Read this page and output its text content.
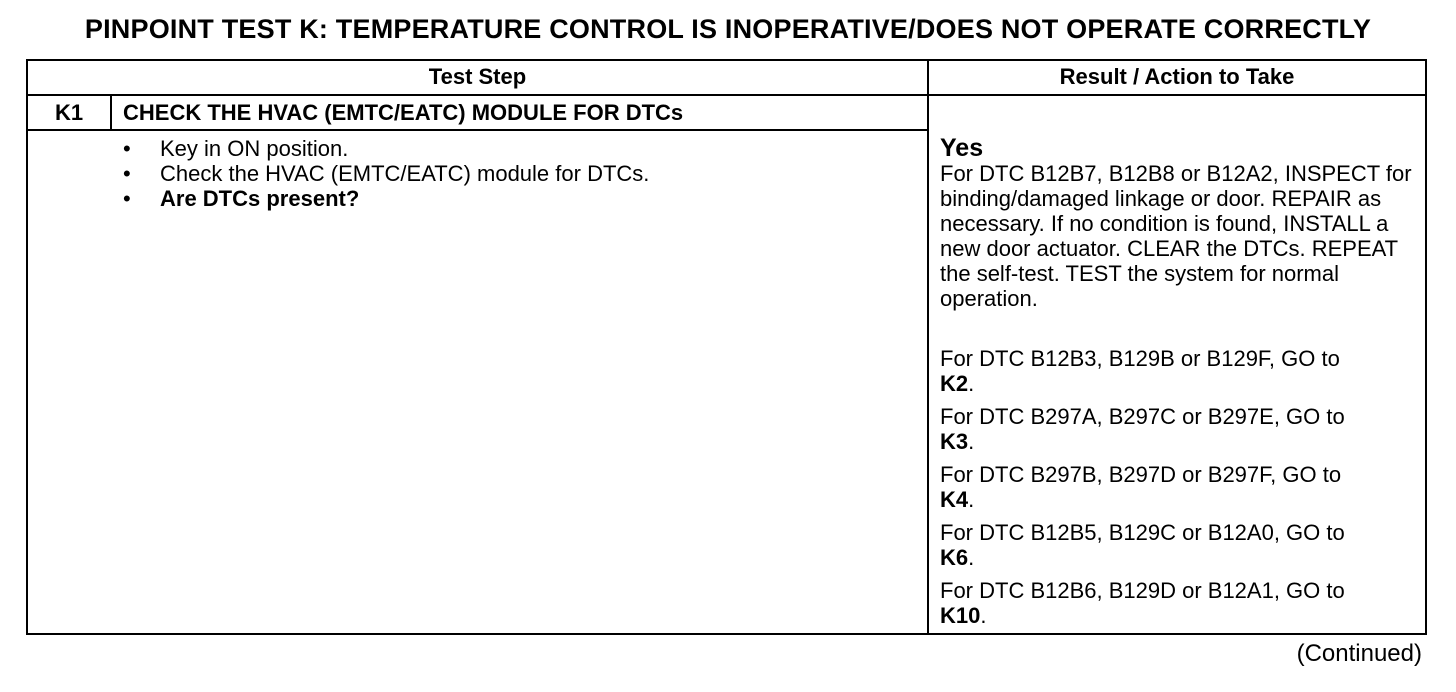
PINPOINT TEST K: TEMPERATURE CONTROL IS INOPERATIVE/DOES NOT OPERATE CORRECTLY
Test Step	Result / Action to Take
K1	CHECK THE HVAC (EMTC/EATC) MODULE FOR DTCs
• Key in ON position.
• Check the HVAC (EMTC/EATC) module for DTCs.
• Are DTCs present?
Yes
For DTC B12B7, B12B8 or B12A2, INSPECT for binding/damaged linkage or door. REPAIR as necessary. If no condition is found, INSTALL a new door actuator. CLEAR the DTCs. REPEAT the self-test. TEST the system for normal operation.
For DTC B12B3, B129B or B129F, GO to
K2.
For DTC B297A, B297C or B297E, GO to
K3.
For DTC B297B, B297D or B297F, GO to
K4.
For DTC B12B5, B129C or B12A0, GO to
K6.
For DTC B12B6, B129D or B12A1, GO to
K10.
(Continued)
